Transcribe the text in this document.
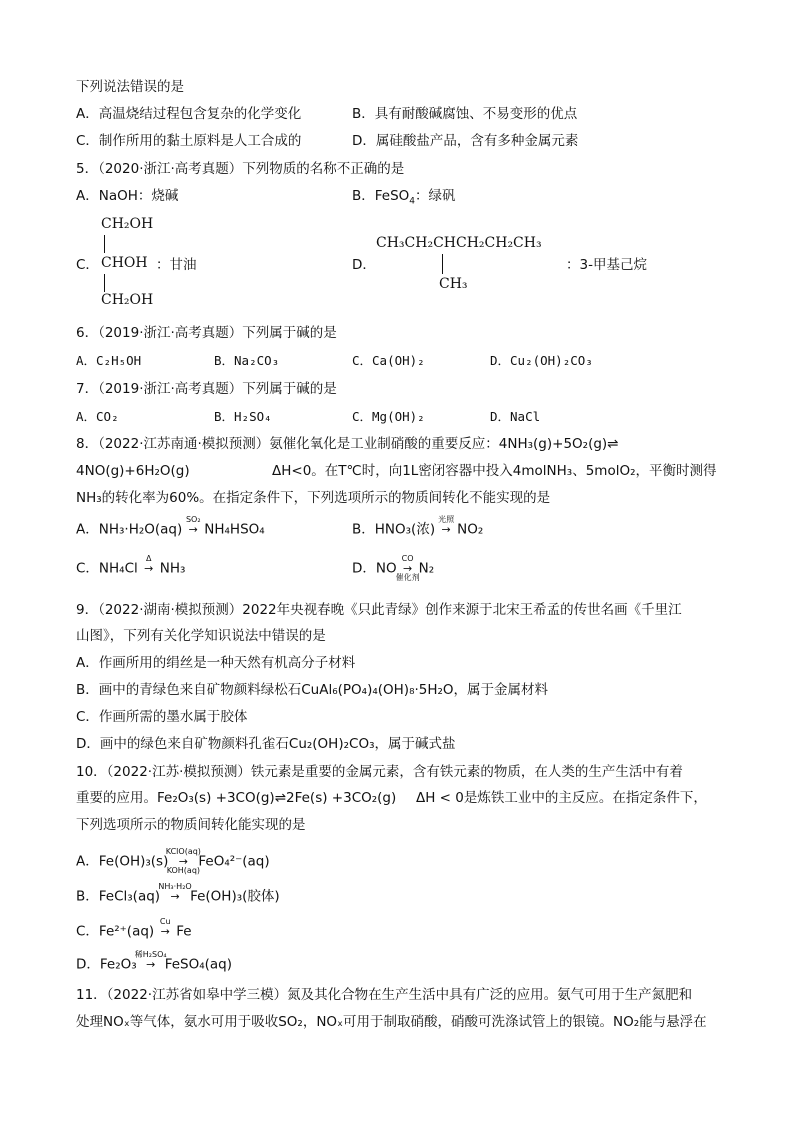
下列说法错误的是
A．高温烧结过程包含复杂的化学变化	B．具有耐酸碱腐蚀、不易变形的优点
C．制作所用的黏土原料是人工合成的	D．属硅酸盐产品，含有多种金属元素
5．（2020·浙江·高考真题）下列物质的名称不正确的是
A．NaOH：烧碱	B．FeSO$_4$：绿矾
C．
CH₂OH
CHOH ：甘油
CH₂OH
D．
CH₃CH₂CHCH₂CH₂CH₃
CH₃
：3-甲基己烷
6．（2019·浙江·高考真题）下列属于碱的是
A．C₂H₅OH	B．Na₂CO₃	C．Ca(OH)₂	D．Cu₂(OH)₂CO₃
7．（2019·浙江·高考真题）下列属于碱的是
A．CO₂	B．H₂SO₄	C．Mg(OH)₂	D．NaCl
8．（2022·江苏南通·模拟预测）氨催化氧化是工业制硝酸的重要反应：4NH₃(g)+5O₂(g)⇌
4NO(g)+6H₂O(g)	ΔH<0。在T℃时，向1L密闭容器中投入4molNH₃、5molO₂，平衡时测得
NH₃的转化率为60%。在指定条件下，下列选项所示的物质间转化不能实现的是
A．NH₃·H₂O(aq)
SO₂
→ NH₄HSO₄	B．HNO₃(浓)
光照
→ NO₂
C．NH₄Cl
Δ
→ NH₃	D．NO
CO
→
催化剂
N₂
9．（2022·湖南·模拟预测）2022年央视春晚《只此青绿》创作来源于北宋王希孟的传世名画《千里江
山图》，下列有关化学知识说法中错误的是
A．作画所用的绢丝是一种天然有机高分子材料
B．画中的青绿色来自矿物颜料绿松石CuAl₆(PO₄)₄(OH)₈·5H₂O，属于金属材料
C．作画所需的墨水属于胶体
D．画中的绿色来自矿物颜料孔雀石Cu₂(OH)₂CO₃，属于碱式盐
10．（2022·江苏·模拟预测）铁元素是重要的金属元素，含有铁元素的物质，在人类的生产生活中有着
重要的应用。Fe₂O₃(s) +3CO(g)⇌2Fe(s) +3CO₂(g) ΔH < 0是炼铁工业中的主反应。在指定条件下，
下列选项所示的物质间转化能实现的是
A．Fe(OH)₃(s)
KClO(aq)
→
KOH(aq)
FeO₄²⁻(aq)
B．FeCl₃(aq)
NH₃·H₂O
→ Fe(OH)₃(胶体)
C．Fe²⁺(aq)
Cu
→ Fe
D．Fe₂O₃
稀H₂SO₄
→ FeSO₄(aq)
11．（2022·江苏省如皋中学三模）氮及其化合物在生产生活中具有广泛的应用。氨气可用于生产氮肥和
处理NOₓ等气体，氨水可用于吸收SO₂，NOₓ可用于制取硝酸，硝酸可洗涤试管上的银镜。NO₂能与悬浮在
